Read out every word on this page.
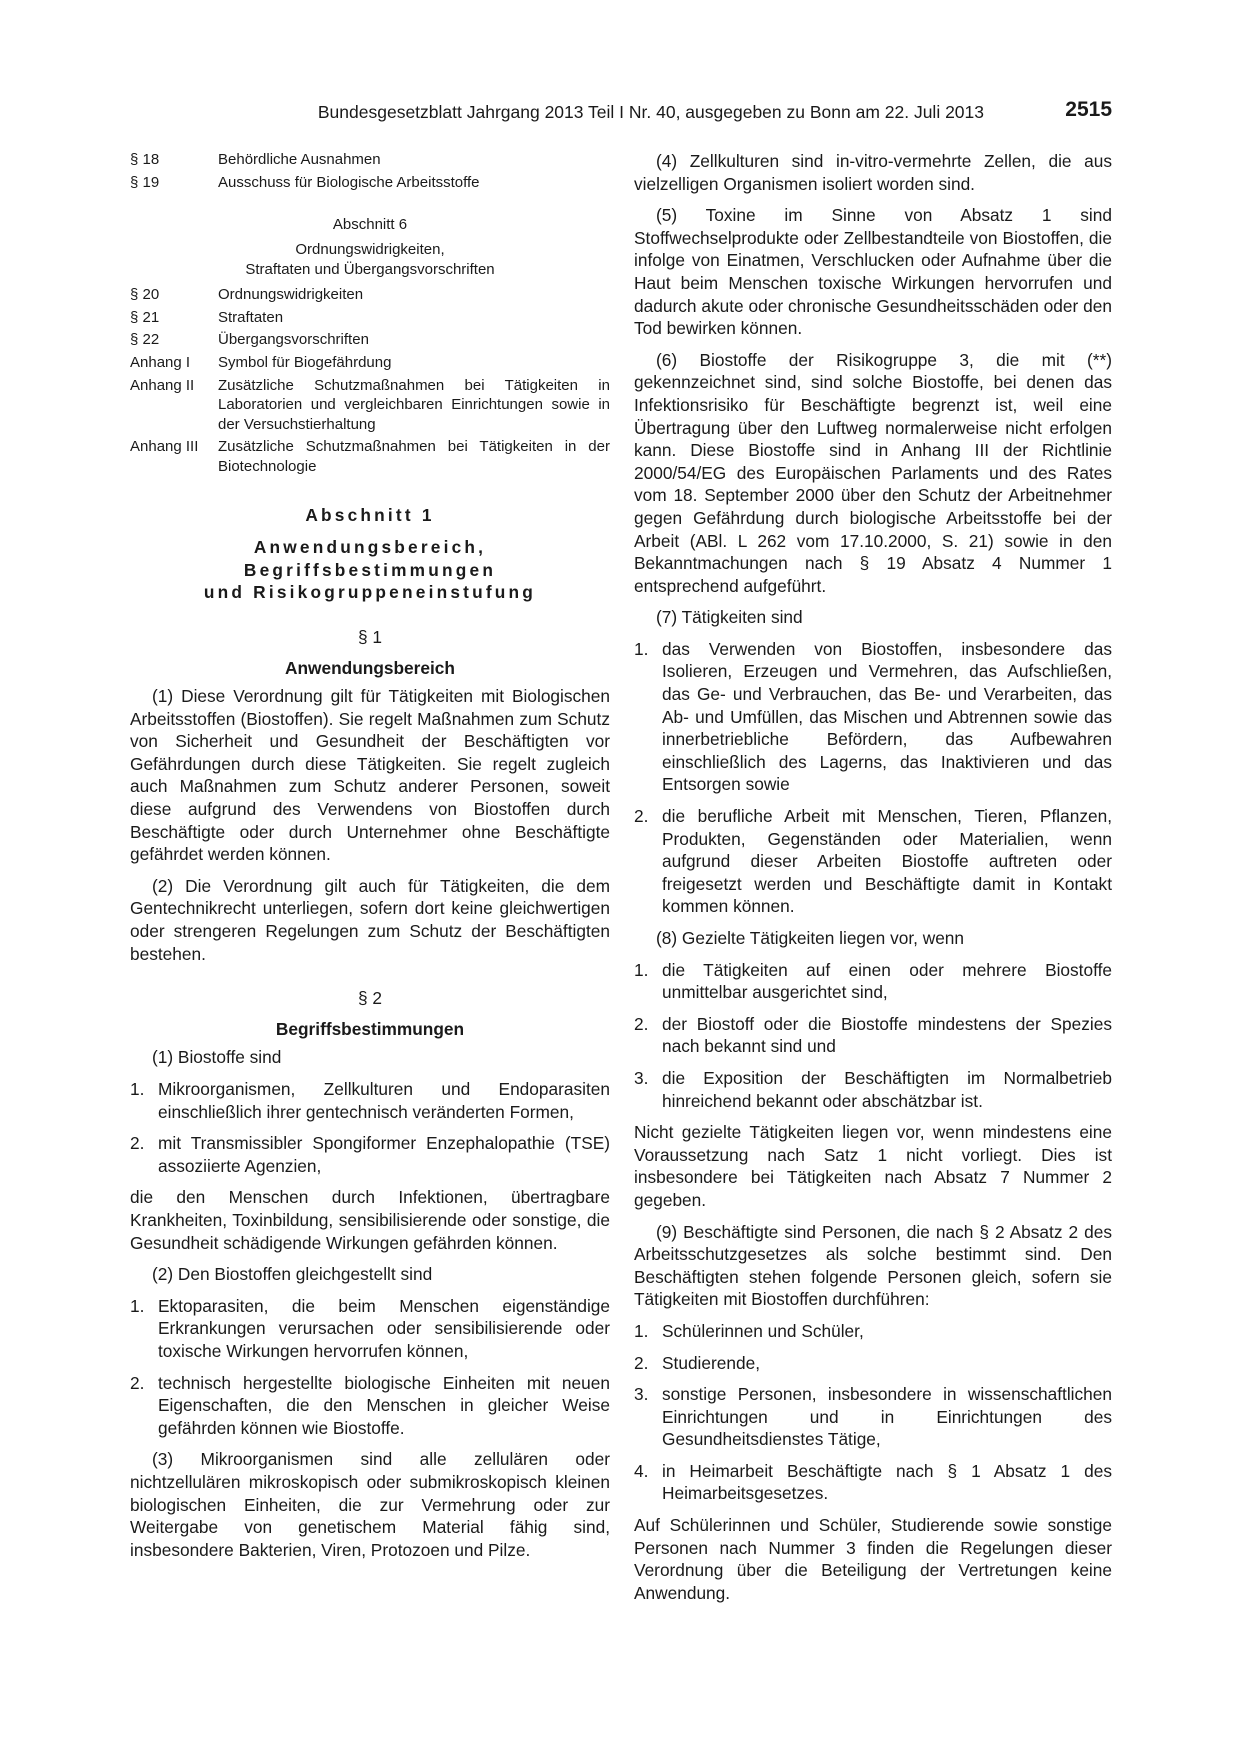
Bundesgesetzblatt Jahrgang 2013 Teil I Nr. 40, ausgegeben zu Bonn am 22. Juli 2013	2515
§ 18	Behördliche Ausnahmen
§ 19	Ausschuss für Biologische Arbeitsstoffe
Abschnitt 6
Ordnungswidrigkeiten,
Straftaten und Übergangsvorschriften
§ 20	Ordnungswidrigkeiten
§ 21	Straftaten
§ 22	Übergangsvorschriften
Anhang I	Symbol für Biogefährdung
Anhang II	Zusätzliche Schutzmaßnahmen bei Tätigkeiten in Laboratorien und vergleichbaren Einrichtungen sowie in der Versuchstierhaltung
Anhang III	Zusätzliche Schutzmaßnahmen bei Tätigkeiten in der Biotechnologie
Abschnitt 1
Anwendungsbereich,
Begriffsbestimmungen
und Risikogruppeneinstufung
§ 1
Anwendungsbereich

(1) Diese Verordnung gilt für Tätigkeiten mit Biologischen Arbeitsstoffen (Biostoffen). Sie regelt Maßnahmen zum Schutz von Sicherheit und Gesundheit der Beschäftigten vor Gefährdungen durch diese Tätigkeiten. Sie regelt zugleich auch Maßnahmen zum Schutz anderer Personen, soweit diese aufgrund des Verwendens von Biostoffen durch Beschäftigte oder durch Unternehmer ohne Beschäftigte gefährdet werden können.

(2) Die Verordnung gilt auch für Tätigkeiten, die dem Gentechnikrecht unterliegen, sofern dort keine gleichwertigen oder strengeren Regelungen zum Schutz der Beschäftigten bestehen.

§ 2
Begriffsbestimmungen

(1) Biostoffe sind

1. Mikroorganismen, Zellkulturen und Endoparasiten einschließlich ihrer gentechnisch veränderten Formen,
2. mit Transmissibler Spongiformer Enzephalopathie (TSE) assoziierte Agenzien,

die den Menschen durch Infektionen, übertragbare Krankheiten, Toxinbildung, sensibilisierende oder sonstige, die Gesundheit schädigende Wirkungen gefährden können.

(2) Den Biostoffen gleichgestellt sind

1. Ektoparasiten, die beim Menschen eigenständige Erkrankungen verursachen oder sensibilisierende oder toxische Wirkungen hervorrufen können,
2. technisch hergestellte biologische Einheiten mit neuen Eigenschaften, die den Menschen in gleicher Weise gefährden können wie Biostoffe.

(3) Mikroorganismen sind alle zellulären oder nichtzellulären mikroskopisch oder submikroskopisch kleinen biologischen Einheiten, die zur Vermehrung oder zur Weitergabe von genetischem Material fähig sind, insbesondere Bakterien, Viren, Protozoen und Pilze.

(4) Zellkulturen sind in-vitro-vermehrte Zellen, die aus vielzelligen Organismen isoliert worden sind.

(5) Toxine im Sinne von Absatz 1 sind Stoffwechselprodukte oder Zellbestandteile von Biostoffen, die infolge von Einatmen, Verschlucken oder Aufnahme über die Haut beim Menschen toxische Wirkungen hervorrufen und dadurch akute oder chronische Gesundheitsschäden oder den Tod bewirken können.

(6) Biostoffe der Risikogruppe 3, die mit (**) gekennzeichnet sind, sind solche Biostoffe, bei denen das Infektionsrisiko für Beschäftigte begrenzt ist, weil eine Übertragung über den Luftweg normalerweise nicht erfolgen kann. Diese Biostoffe sind in Anhang III der Richtlinie 2000/54/EG des Europäischen Parlaments und des Rates vom 18. September 2000 über den Schutz der Arbeitnehmer gegen Gefährdung durch biologische Arbeitsstoffe bei der Arbeit (ABl. L 262 vom 17.10.2000, S. 21) sowie in den Bekanntmachungen nach § 19 Absatz 4 Nummer 1 entsprechend aufgeführt.

(7) Tätigkeiten sind

1. das Verwenden von Biostoffen, insbesondere das Isolieren, Erzeugen und Vermehren, das Aufschließen, das Ge- und Verbrauchen, das Be- und Verarbeiten, das Ab- und Umfüllen, das Mischen und Abtrennen sowie das innerbetriebliche Befördern, das Aufbewahren einschließlich des Lagerns, das Inaktivieren und das Entsorgen sowie
2. die berufliche Arbeit mit Menschen, Tieren, Pflanzen, Produkten, Gegenständen oder Materialien, wenn aufgrund dieser Arbeiten Biostoffe auftreten oder freigesetzt werden und Beschäftigte damit in Kontakt kommen können.

(8) Gezielte Tätigkeiten liegen vor, wenn

1. die Tätigkeiten auf einen oder mehrere Biostoffe unmittelbar ausgerichtet sind,
2. der Biostoff oder die Biostoffe mindestens der Spezies nach bekannt sind und
3. die Exposition der Beschäftigten im Normalbetrieb hinreichend bekannt oder abschätzbar ist.

Nicht gezielte Tätigkeiten liegen vor, wenn mindestens eine Voraussetzung nach Satz 1 nicht vorliegt. Dies ist insbesondere bei Tätigkeiten nach Absatz 7 Nummer 2 gegeben.

(9) Beschäftigte sind Personen, die nach § 2 Absatz 2 des Arbeitsschutzgesetzes als solche bestimmt sind. Den Beschäftigten stehen folgende Personen gleich, sofern sie Tätigkeiten mit Biostoffen durchführen:

1. Schülerinnen und Schüler,
2. Studierende,
3. sonstige Personen, insbesondere in wissenschaftlichen Einrichtungen und in Einrichtungen des Gesundheitsdienstes Tätige,
4. in Heimarbeit Beschäftigte nach § 1 Absatz 1 des Heimarbeitsgesetzes.

Auf Schülerinnen und Schüler, Studierende sowie sonstige Personen nach Nummer 3 finden die Regelungen dieser Verordnung über die Beteiligung der Vertretungen keine Anwendung.
